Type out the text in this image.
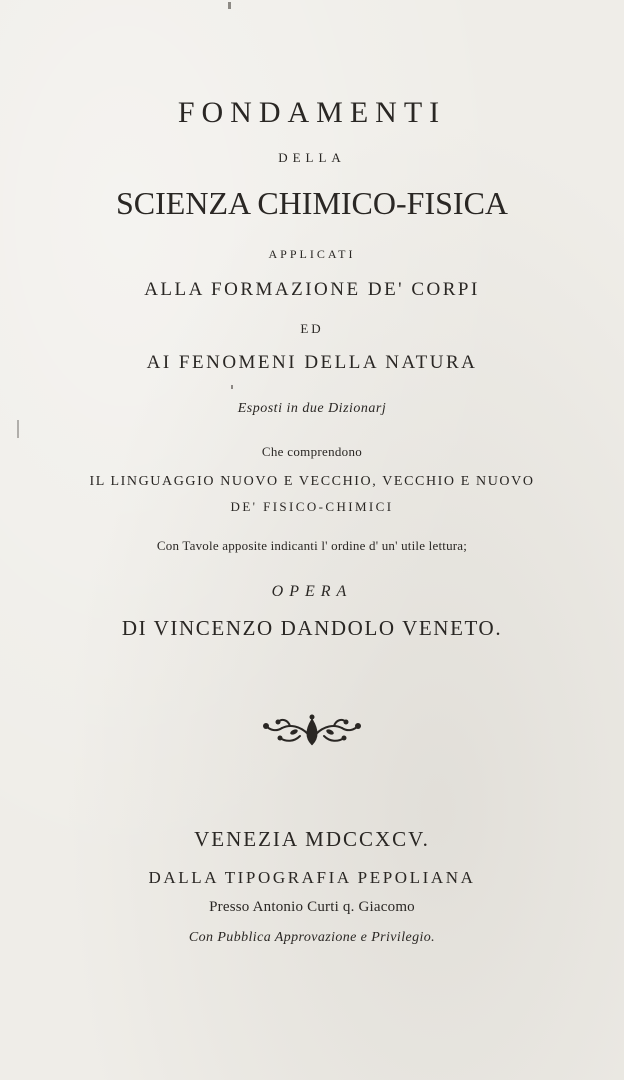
FONDAMENTI
DELLA
SCIENZA CHIMICO-FISICA
APPLICATI
ALLA FORMAZIONE DE' CORPI
ED
AI FENOMENI DELLA NATURA
Esposti in due Dizionarj
Che comprendono
IL LINGUAGGIO NUOVO E VECCHIO, VECCHIO E NUOVO
DE' FISICO-CHIMICI
Con Tavole apposite indicanti l' ordine d' un' utile lettura;
OPERA
DI VINCENZO DANDOLO VENETO.
VENEZIA MDCCXCV.
DALLA TIPOGRAFIA PEPOLIANA
Presso Antonio Curti q. Giacomo
Con Pubblica Approvazione e Privilegio.
